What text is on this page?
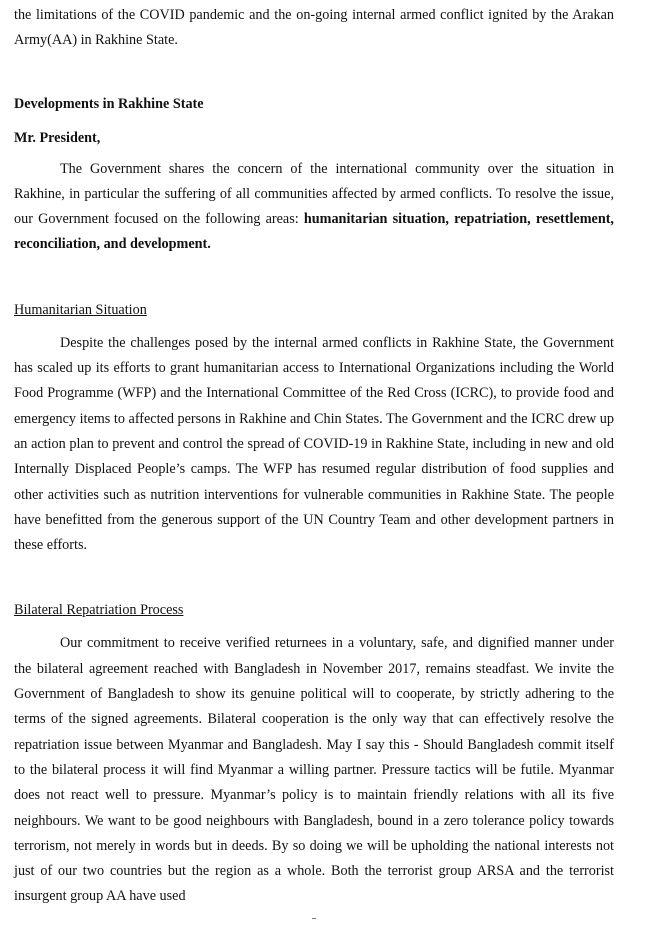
the limitations of the COVID pandemic and the on-going internal armed conflict ignited by the Arakan Army(AA) in Rakhine State.

Developments in Rakhine State
Mr. President,

The Government shares the concern of the international community over the situation in Rakhine, in particular the suffering of all communities affected by armed conflicts. To resolve the issue, our Government focused on the following areas: humanitarian situation, repatriation, resettlement, reconciliation, and development.

Humanitarian Situation

Despite the challenges posed by the internal armed conflicts in Rakhine State, the Government has scaled up its efforts to grant humanitarian access to International Organizations including the World Food Programme (WFP) and the International Committee of the Red Cross (ICRC), to provide food and emergency items to affected persons in Rakhine and Chin States. The Government and the ICRC drew up an action plan to prevent and control the spread of COVID-19 in Rakhine State, including in new and old Internally Displaced People’s camps. The WFP has resumed regular distribution of food supplies and other activities such as nutrition interventions for vulnerable communities in Rakhine State. The people have benefitted from the generous support of the UN Country Team and other development partners in these efforts.

Bilateral Repatriation Process

Our commitment to receive verified returnees in a voluntary, safe, and dignified manner under the bilateral agreement reached with Bangladesh in November 2017, remains steadfast. We invite the Government of Bangladesh to show its genuine political will to cooperate, by strictly adhering to the terms of the signed agreements. Bilateral cooperation is the only way that can effectively resolve the repatriation issue between Myanmar and Bangladesh. May I say this - Should Bangladesh commit itself to the bilateral process it will find Myanmar a willing partner. Pressure tactics will be futile. Myanmar does not react well to pressure. Myanmar’s policy is to maintain friendly relations with all its five neighbours. We want to be good neighbours with Bangladesh, bound in a zero tolerance policy towards terrorism, not merely in words but in deeds. By so doing we will be upholding the national interests not just of our two countries but the region as a whole. Both the terrorist group ARSA and the terrorist insurgent group AA have used
